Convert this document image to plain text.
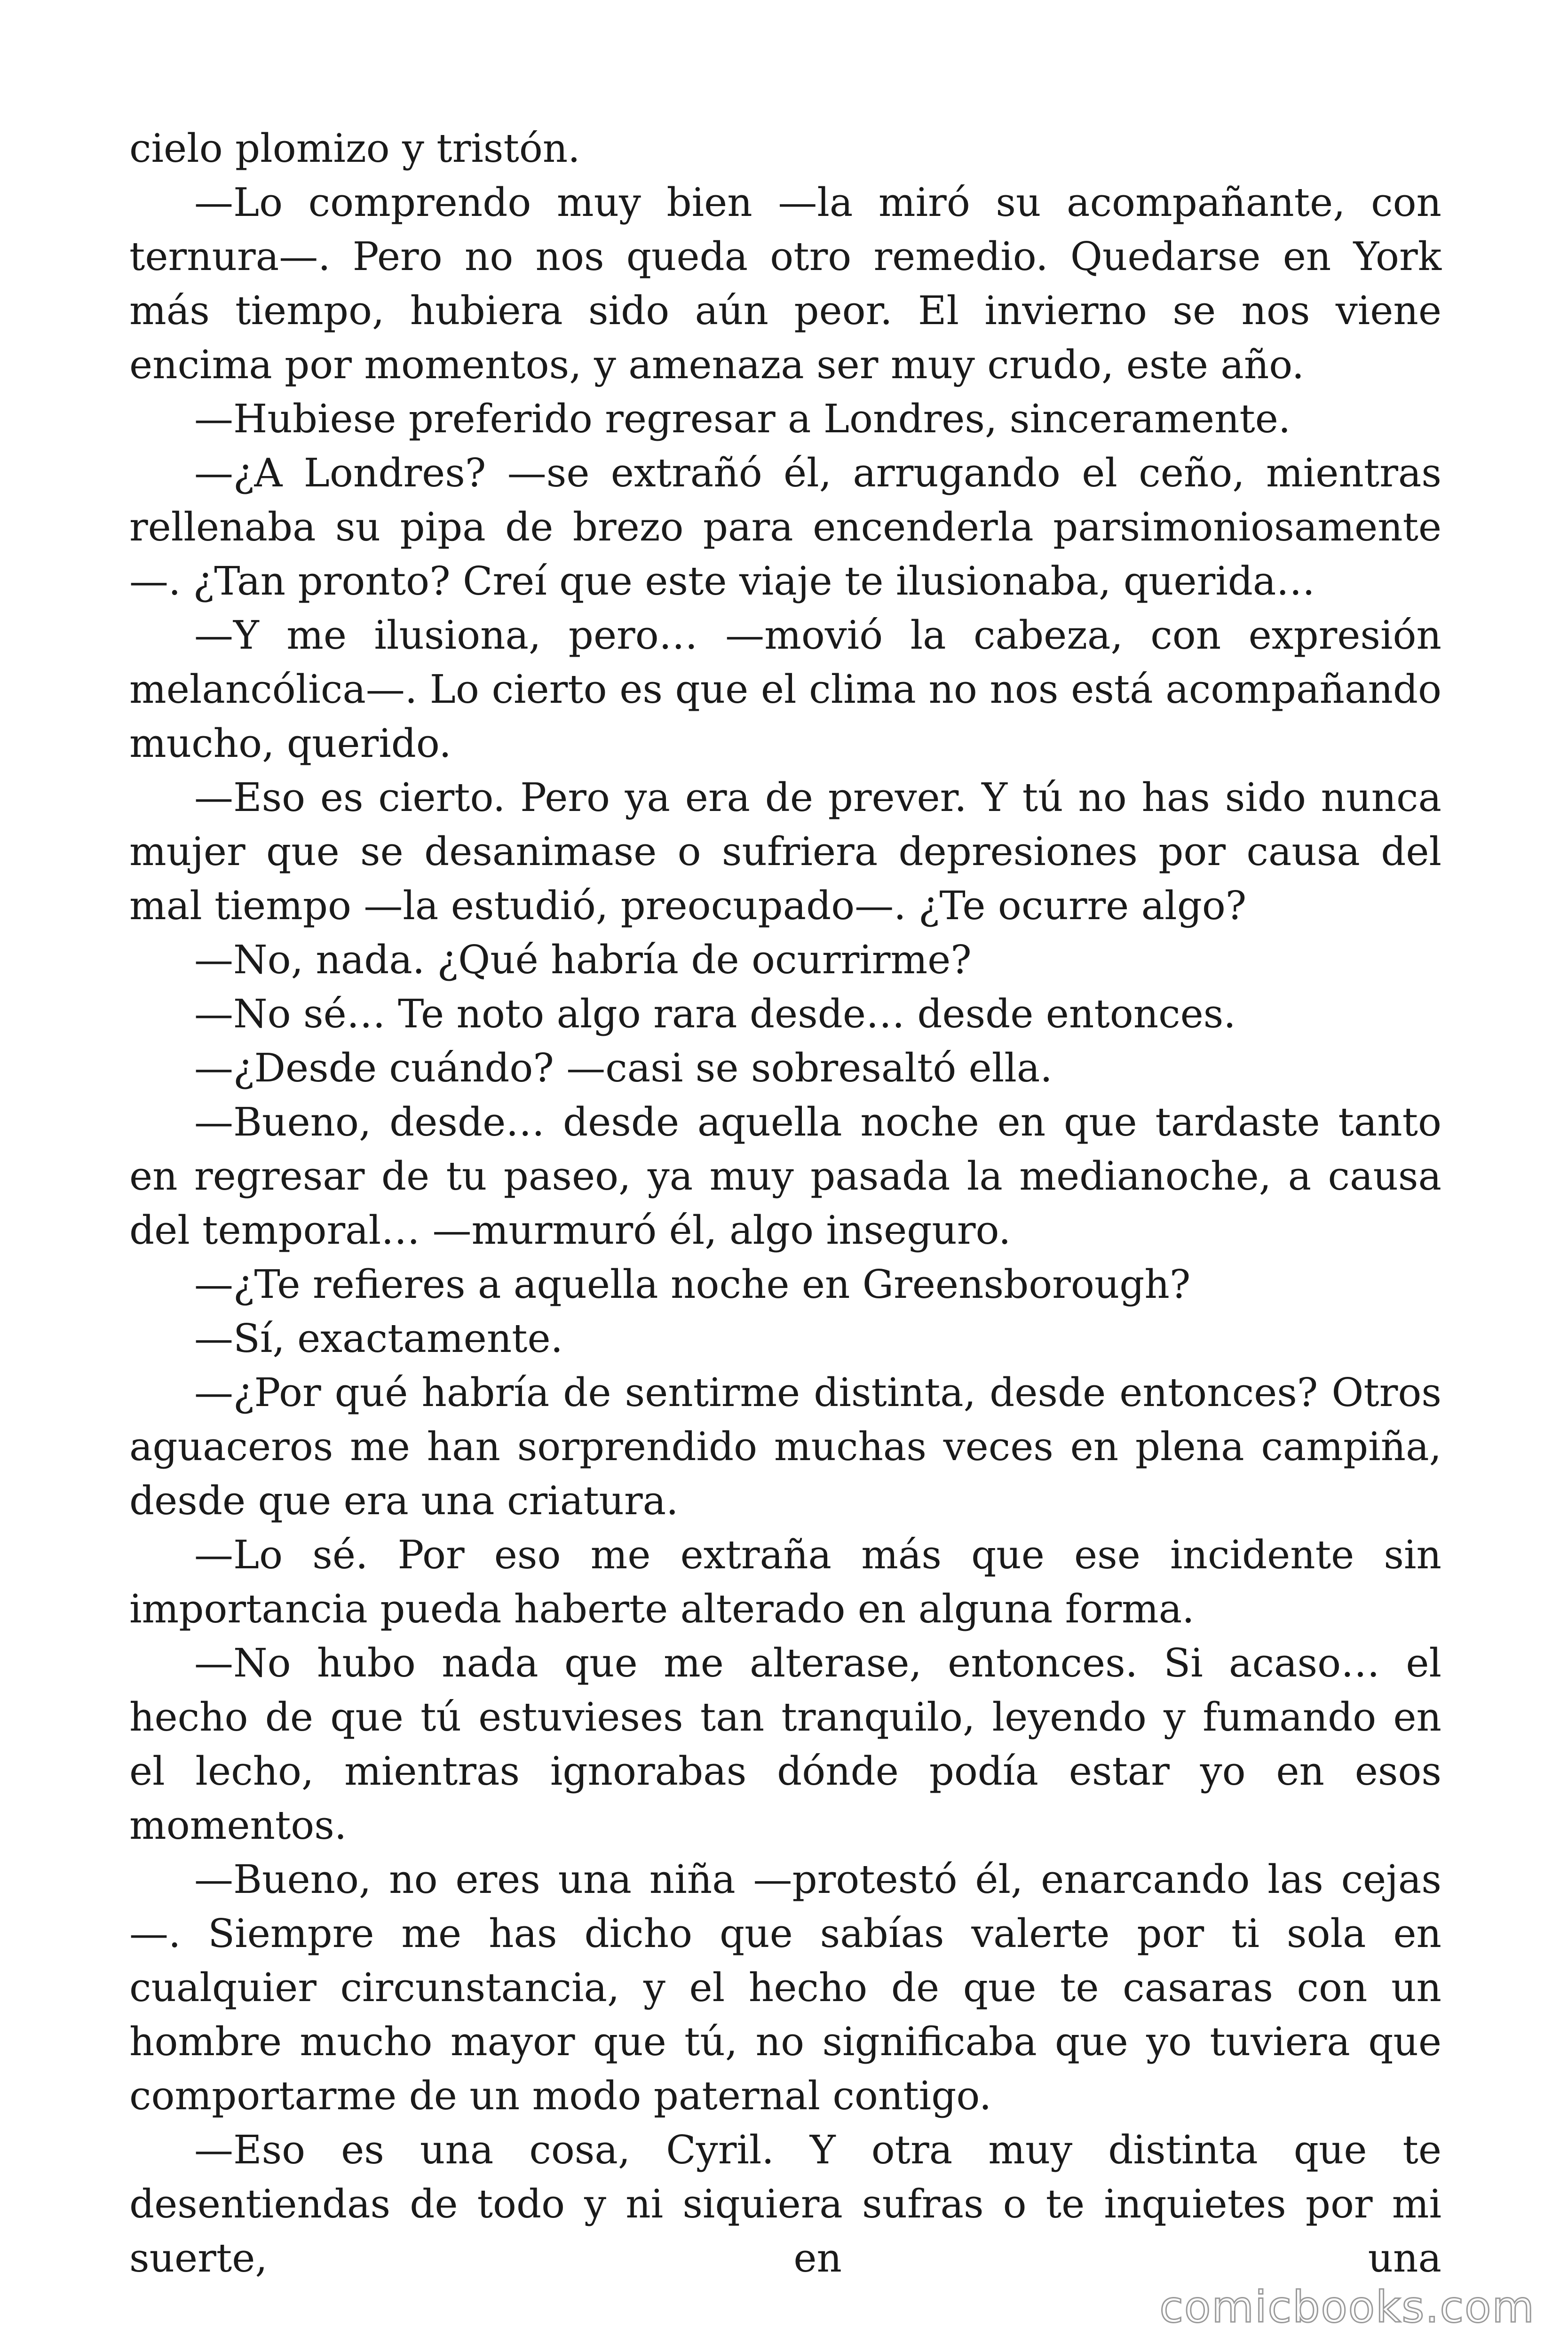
cielo plomizo y tristón.

—Lo comprendo muy bien —la miró su acompañante, con ternura—. Pero no nos queda otro remedio. Quedarse en York más tiempo, hubiera sido aún peor. El invierno se nos viene encima por momentos, y amenaza ser muy crudo, este año.

—Hubiese preferido regresar a Londres, sinceramente.

—¿A Londres? —se extrañó él, arrugando el ceño, mientras rellenaba su pipa de brezo para encenderla parsimoniosamente—. ¿Tan pronto? Creí que este viaje te ilusionaba, querida…

—Y me ilusiona, pero… —movió la cabeza, con expresión melancólica—. Lo cierto es que el clima no nos está acompañando mucho, querido.

—Eso es cierto. Pero ya era de prever. Y tú no has sido nunca mujer que se desanimase o sufriera depresiones por causa del mal tiempo —la estudió, preocupado—. ¿Te ocurre algo?

—No, nada. ¿Qué habría de ocurrirme?

—No sé… Te noto algo rara desde… desde entonces.

—¿Desde cuándo? —casi se sobresaltó ella.

—Bueno, desde… desde aquella noche en que tardaste tanto en regresar de tu paseo, ya muy pasada la medianoche, a causa del temporal… —murmuró él, algo inseguro.

—¿Te refieres a aquella noche en Greensborough?

—Sí, exactamente.

—¿Por qué habría de sentirme distinta, desde entonces? Otros aguaceros me han sorprendido muchas veces en plena campiña, desde que era una criatura.

—Lo sé. Por eso me extraña más que ese incidente sin importancia pueda haberte alterado en alguna forma.

—No hubo nada que me alterase, entonces. Si acaso… el hecho de que tú estuvieses tan tranquilo, leyendo y fumando en el lecho, mientras ignorabas dónde podía estar yo en esos momentos.

—Bueno, no eres una niña —protestó él, enarcando las cejas—. Siempre me has dicho que sabías valerte por ti sola en cualquier circunstancia, y el hecho de que te casaras con un hombre mucho mayor que tú, no significaba que yo tuviera que comportarme de un modo paternal contigo.

—Eso es una cosa, Cyril. Y otra muy distinta que te desentiendas de todo y ni siquiera sufras o te inquietes por mi suerte, en una

comicbooks.com
